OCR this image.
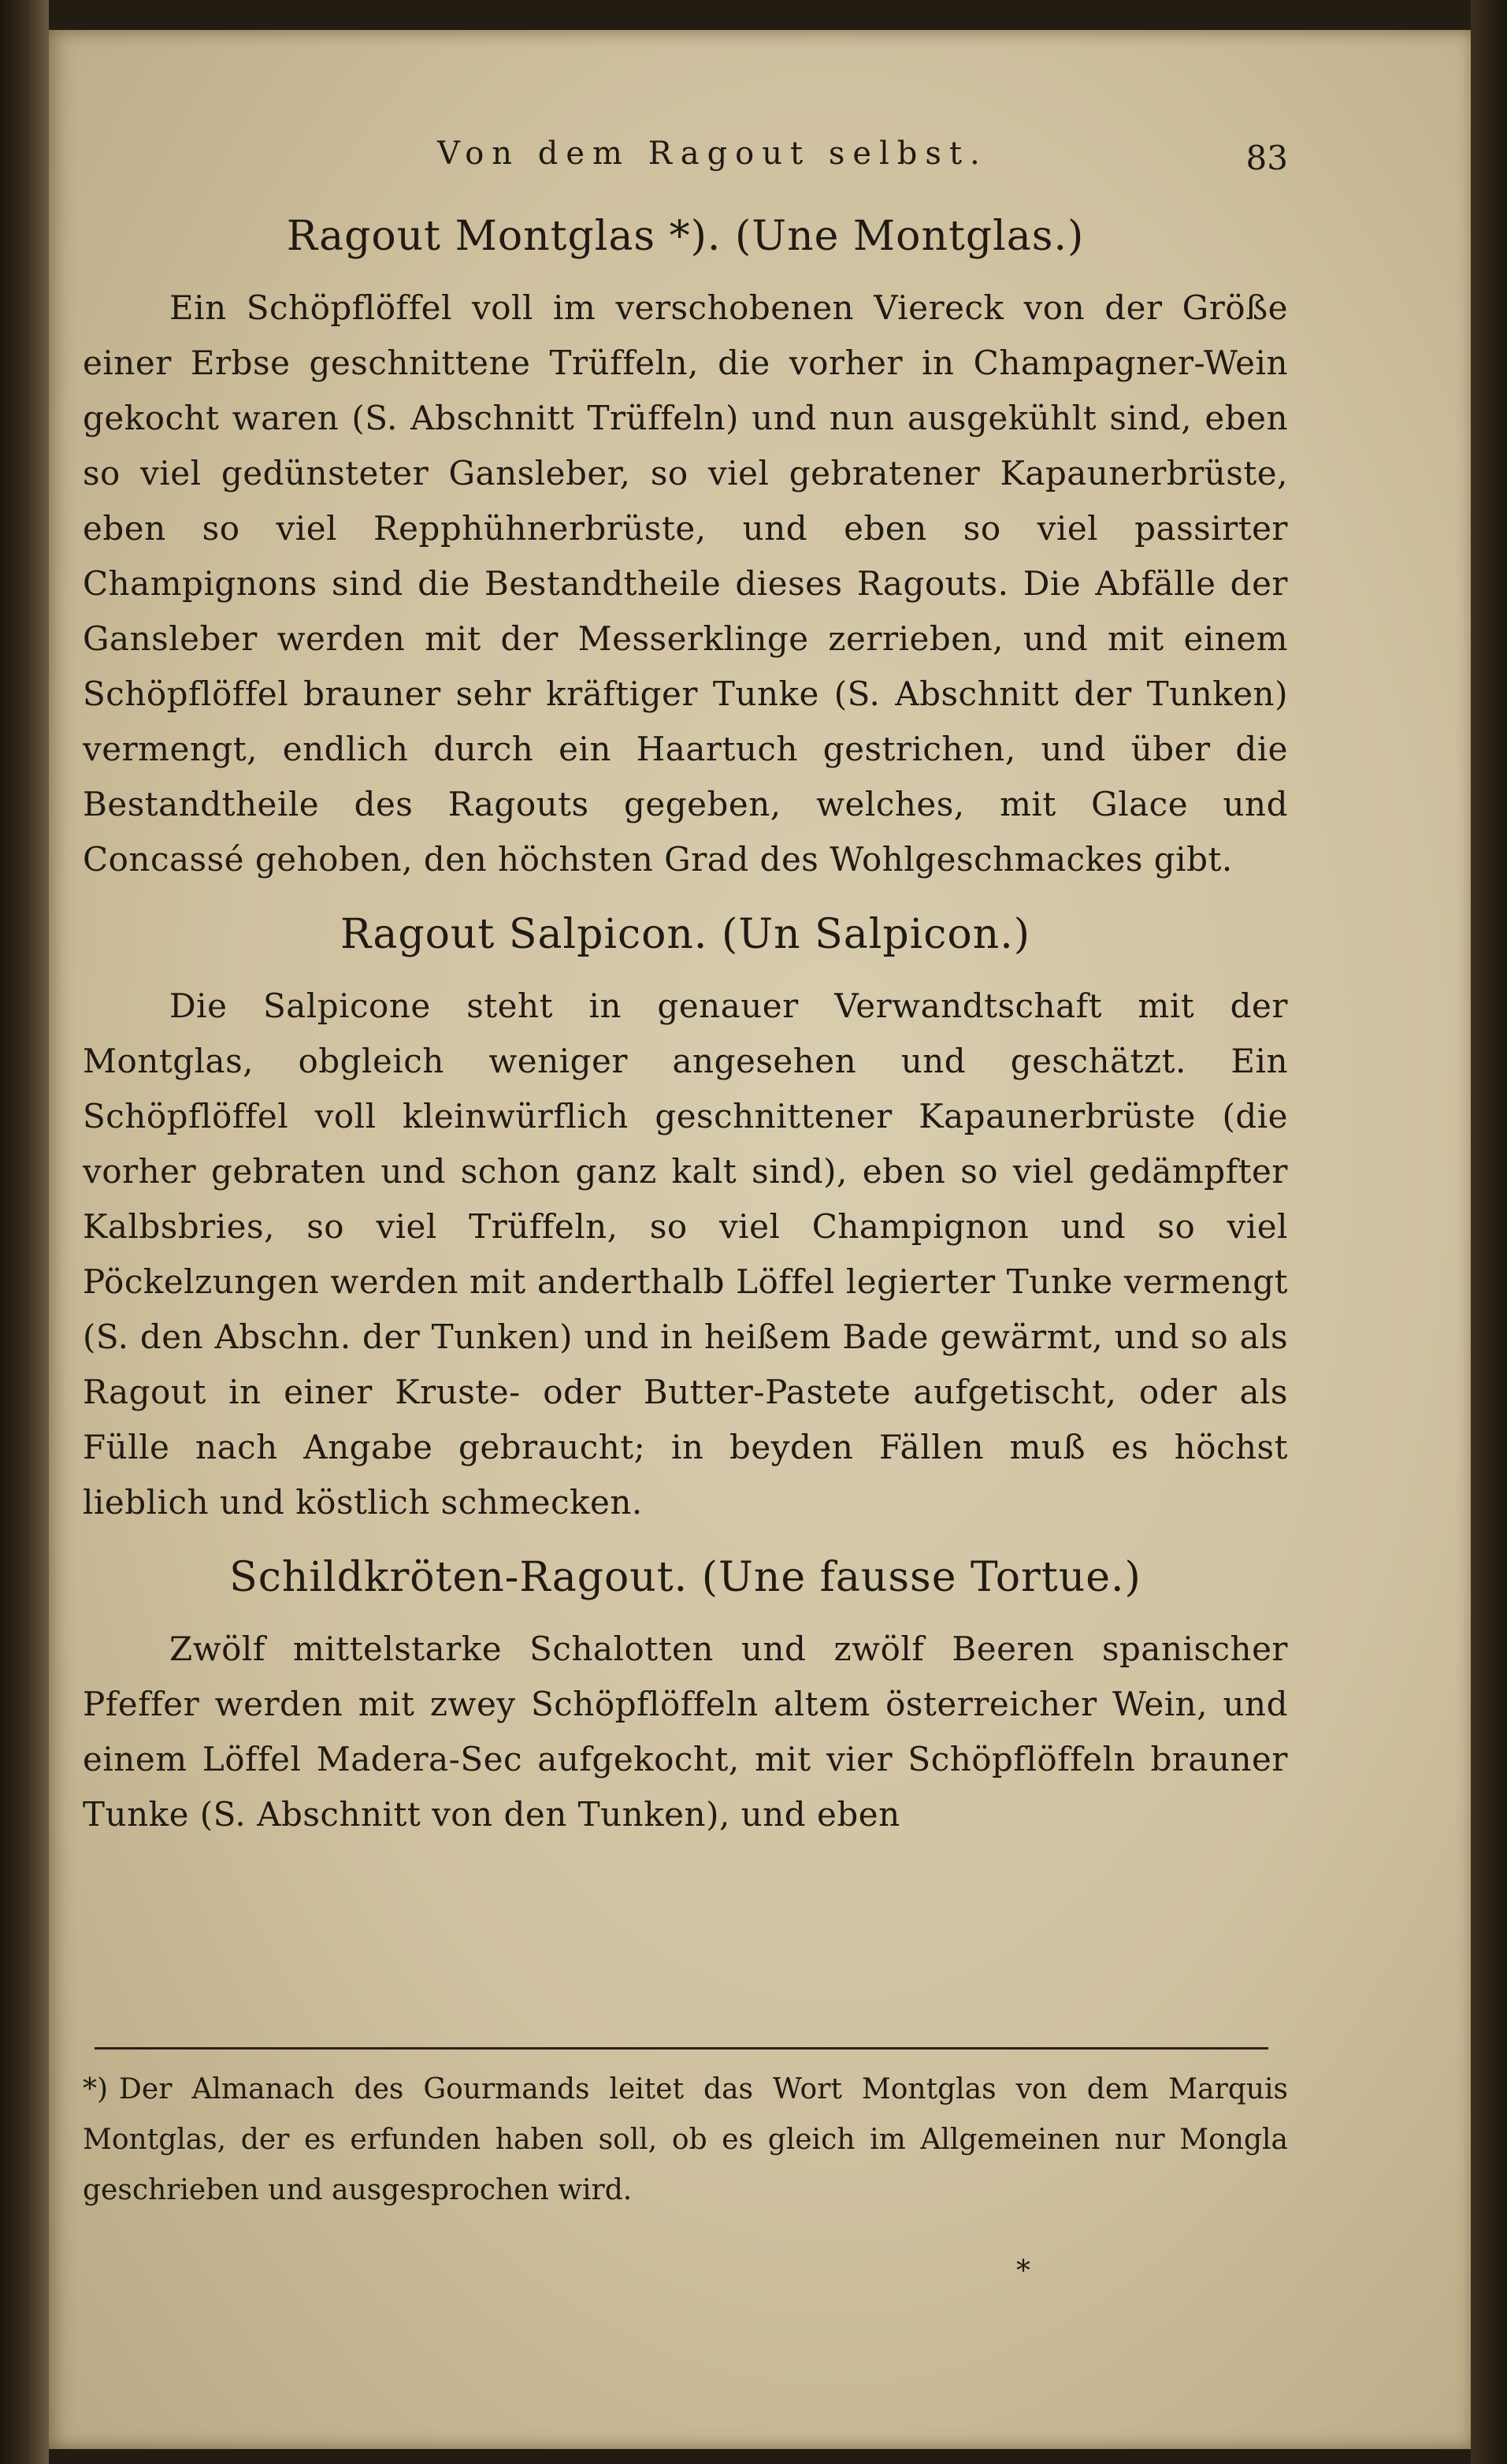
Von dem Ragout selbst.	83
Ragout Montglas *). (Une Montglas.)

Ein Schöpflöffel voll im verschobenen Viereck von der Größe einer Erbse geschnittene Trüffeln, die vorher in Champagner-Wein gekocht waren (S. Abschnitt Trüffeln) und nun ausgekühlt sind, eben so viel gedünsteter Gansleber, so viel gebratener Kapaunerbrüste, eben so viel Repphühnerbrüste, und eben so viel passirter Champignons sind die Bestandtheile dieses Ragouts. Die Abfälle der Gansleber werden mit der Messerklinge zerrieben, und mit einem Schöpflöffel brauner sehr kräftiger Tunke (S. Abschnitt der Tunken) vermengt, endlich durch ein Haartuch gestrichen, und über die Bestandtheile des Ragouts gegeben, welches, mit Glace und Concassé gehoben, den höchsten Grad des Wohlgeschmackes gibt.

Ragout Salpicon. (Un Salpicon.)

Die Salpicone steht in genauer Verwandtschaft mit der Montglas, obgleich weniger angesehen und geschätzt. Ein Schöpflöffel voll kleinwürflich geschnittener Kapaunerbrüste (die vorher gebraten und schon ganz kalt sind), eben so viel gedämpfter Kalbsbries, so viel Trüffeln, so viel Champignon und so viel Pöckelzungen werden mit anderthalb Löffel legierter Tunke vermengt (S. den Abschn. der Tunken) und in heißem Bade gewärmt, und so als Ragout in einer Kruste- oder Butter-Pastete aufgetischt, oder als Fülle nach Angabe gebraucht; in beyden Fällen muß es höchst lieblich und köstlich schmecken.

Schildkröten-Ragout. (Une fausse Tortue.)

Zwölf mittelstarke Schalotten und zwölf Beeren spanischer Pfeffer werden mit zwey Schöpflöffeln altem österreicher Wein, und einem Löffel Madera-Sec aufgekocht, mit vier Schöpflöffeln brauner Tunke (S. Abschnitt von den Tunken), und eben

*) Der Almanach des Gourmands leitet das Wort Montglas von dem Marquis Montglas, der es erfunden haben soll, ob es gleich im Allgemeinen nur Mongla geschrieben und ausgesprochen wird.
*
